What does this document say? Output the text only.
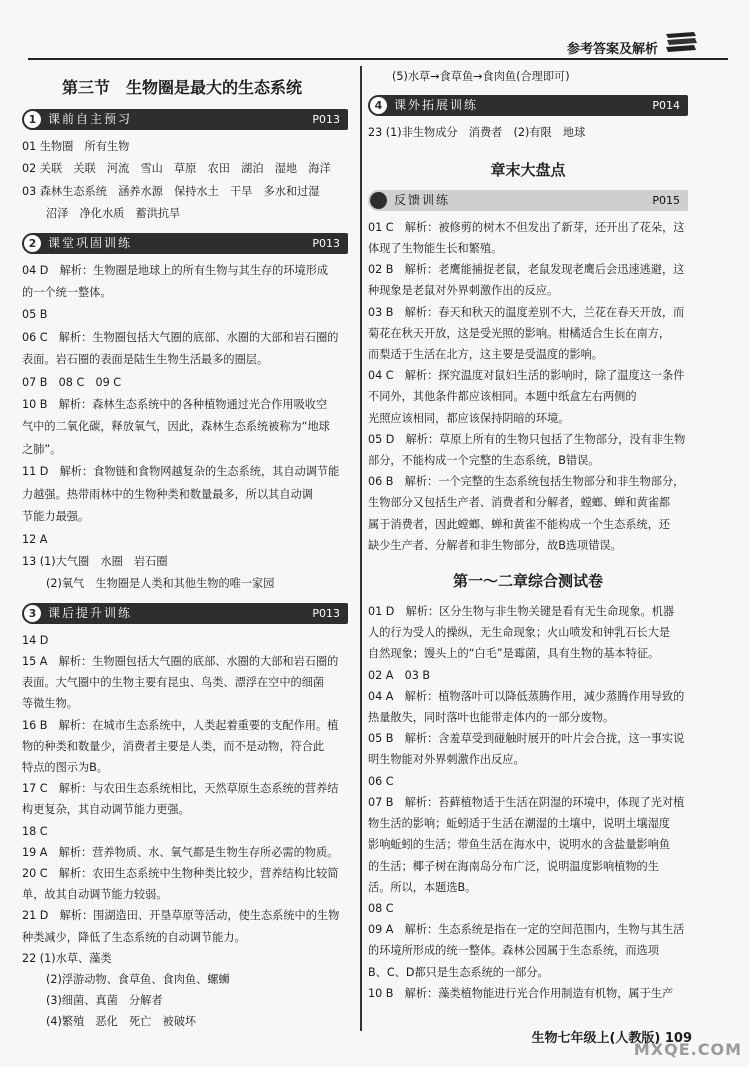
参考答案及解析
第三节 生物圈是最大的生态系统
1 课前自主预习	P013
01 生物圈　所有生物
02 关联　关联　河流　雪山　草原　农田　湖泊　湿地　海洋
03 森林生态系统　涵养水源　保持水土　干旱　多水和过湿
沼泽　净化水质　蓄洪抗旱
2 课堂巩固训练	P013
04 D　解析：生物圈是地球上的所有生物与其生存的环境形成
的一个统一整体。
05 B
06 C　解析：生物圈包括大气圈的底部、水圈的大部和岩石圈的
表面。岩石圈的表面是陆生生物生活最多的圈层。
07 B　08 C　09 C
10 B　解析：森林生态系统中的各种植物通过光合作用吸收空
气中的二氧化碳，释放氧气，因此，森林生态系统被称为“地球
之肺”。
11 D　解析：食物链和食物网越复杂的生态系统，其自动调节能
力越强。热带雨林中的生物种类和数量最多，所以其自动调
节能力最强。
12 A
13 (1)大气圈　水圈　岩石圈
(2)氧气　生物圈是人类和其他生物的唯一家园
3 课后提升训练	P013
14 D
15 A　解析：生物圈包括大气圈的底部、水圈的大部和岩石圈的
表面。大气圈中的生物主要有昆虫、鸟类、漂浮在空中的细菌
等微生物。
16 B　解析：在城市生态系统中，人类起着重要的支配作用。植
物的种类和数量少，消费者主要是人类，而不是动物，符合此
特点的图示为B。
17 C　解析：与农田生态系统相比，天然草原生态系统的营养结
构更复杂，其自动调节能力更强。
18 C
19 A　解析：营养物质、水、氧气都是生物生存所必需的物质。
20 C　解析：农田生态系统中生物种类比较少，营养结构比较简
单，故其自动调节能力较弱。
21 D　解析：围湖造田、开垦草原等活动，使生态系统中的生物
种类减少，降低了生态系统的自动调节能力。
22 (1)水草、藻类
(2)浮游动物、食草鱼、食肉鱼、螺蛳
(3)细菌、真菌　分解者
(4)繁殖　恶化　死亡　被破坏
(5)水草→食草鱼→食肉鱼(合理即可)
4 课外拓展训练	P014
23 (1)非生物成分　消费者　(2)有限　地球
章末大盘点
反馈训练	P015
01 C　解析：被修剪的树木不但发出了新芽，还开出了花朵，这
体现了生物能生长和繁殖。
02 B　解析：老鹰能捕捉老鼠，老鼠发现老鹰后会迅速逃避，这
种现象是老鼠对外界刺激作出的反应。
03 B　解析：春天和秋天的温度差别不大，兰花在春天开放，而
菊花在秋天开放，这是受光照的影响。柑橘适合生长在南方，
而梨适于生活在北方，这主要是受温度的影响。
04 C　解析：探究温度对鼠妇生活的影响时，除了温度这一条件
不同外，其他条件都应该相同。本题中纸盒左右两侧的
光照应该相同，都应该保持阴暗的环境。
05 D　解析：草原上所有的生物只包括了生物部分，没有非生物
部分，不能构成一个完整的生态系统，B错误。
06 B　解析：一个完整的生态系统包括生物部分和非生物部分，
生物部分又包括生产者、消费者和分解者，螳螂、蝉和黄雀都
属于消费者，因此螳螂、蝉和黄雀不能构成一个生态系统，还
缺少生产者、分解者和非生物部分，故B选项错误。
第一～二章综合测试卷
01 D　解析：区分生物与非生物关键是看有无生命现象。机器
人的行为受人的操纵，无生命现象；火山喷发和钟乳石长大是
自然现象；馒头上的“白毛”是霉菌，具有生物的基本特征。
02 A　03 B
04 A　解析：植物落叶可以降低蒸腾作用，减少蒸腾作用导致的
热量散失，同时落叶也能带走体内的一部分废物。
05 B　解析：含羞草受到碰触时展开的叶片会合拢，这一事实说
明生物能对外界刺激作出反应。
06 C
07 B　解析：苔藓植物适于生活在阴湿的环境中，体现了光对植
物生活的影响；蚯蚓适于生活在潮湿的土壤中，说明土壤湿度
影响蚯蚓的生活；带鱼生活在海水中，说明水的含盐量影响鱼
的生活；椰子树在海南岛分布广泛，说明温度影响植物的生
活。所以，本题选B。
08 C
09 A　解析：生态系统是指在一定的空间范围内，生物与其生活
的环境所形成的统一整体。森林公园属于生态系统，而选项
B、C、D都只是生态系统的一部分。
10 B　解析：藻类植物能进行光合作用制造有机物，属于生产
生物七年级上(人教版) 109
MXQE.COM
